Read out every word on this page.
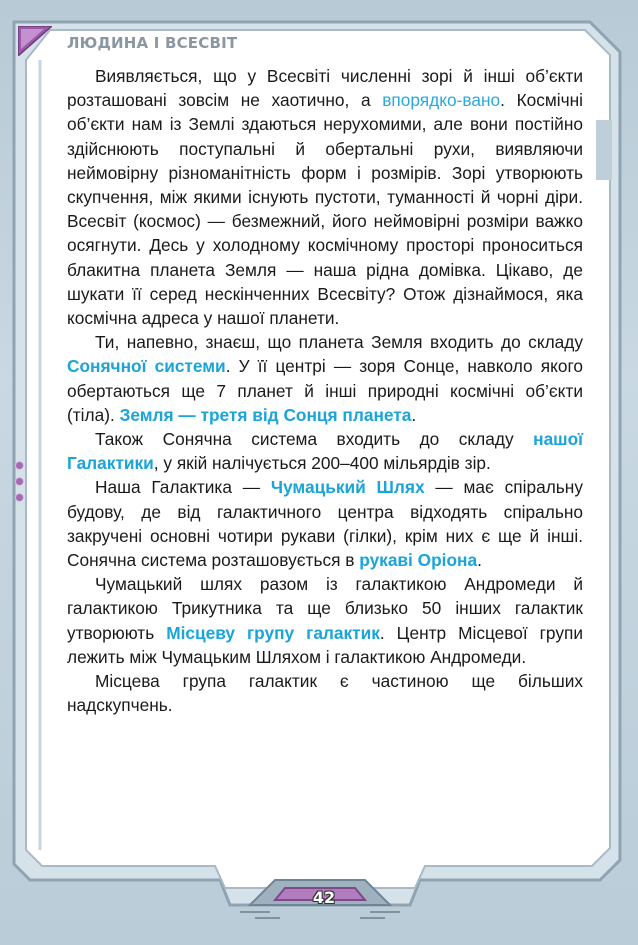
ЛЮДИНА І ВСЕСВІТ

Виявляється, що у Всесвіті численні зорі й інші об’єкти розташовані зовсім не хаотично, а впорядко-вано. Космічні об’єкти нам із Землі здаються нерухомими, але вони постійно здійснюють поступальні й обертальні рухи, виявляючи неймовірну різноманітність форм і розмірів. Зорі утворюють скупчення, між якими існують пустоти, туманності й чорні діри. Всесвіт (космос) — безмежний, його неймовірні розміри важко осягнути. Десь у холодному космічному просторі проноситься блакитна планета Земля — наша рідна домівка. Цікаво, де шукати її серед нескінченних Всесвіту? Отож дізнаймося, яка космічна адреса у нашої планети.

Ти, напевно, знаєш, що планета Земля входить до складу Сонячної системи. У її центрі — зоря Сонце, навколо якого обертаються ще 7 планет й інші природні космічні об’єкти (тіла). Земля — третя від Сонця планета.

Також Сонячна система входить до складу нашої Галактики, у якій налічується 200–400 мільярдів зір.

Наша Галактика — Чумацький Шлях — має спіральну будову, де від галактичного центра відходять спірально закручені основні чотири рукави (гілки), крім них є ще й інші. Сонячна система розташовується в рукаві Оріона.

Чумацький шлях разом із галактикою Андромеди й галактикою Трикутника та ще близько 50 інших галактик утворюють Місцеву групу галактик. Центр Місцевої групи лежить між Чумацьким Шляхом і галактикою Андромеди.

Місцева група галактик є частиною ще більших надскупчень.

42
